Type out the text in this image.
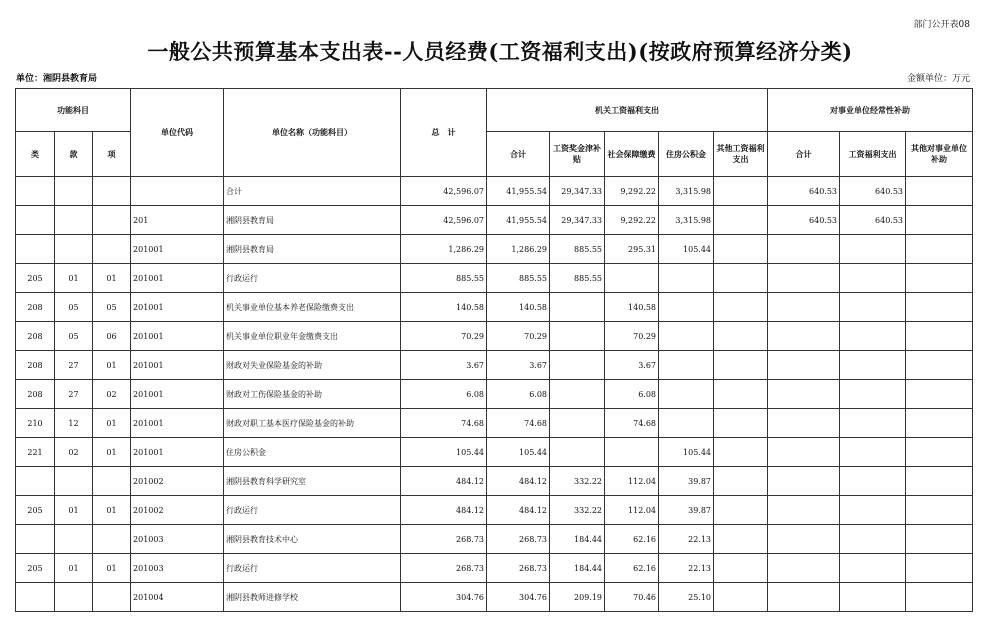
部门公开表08
一般公共预算基本支出表--人员经费(工资福利支出)(按政府预算经济分类)
单位：湘阴县教育局	金额单位：万元
功能科目			单位代码	单位名称（功能科目）	总　计	机关工资福利支出					对事业单位经常性补助		
类	款	项				合计	工资奖金津补贴	社会保障缴费	住房公积金	其他工资福利支出	合计	工资福利支出	其他对事业单位补助
				合计	42,596.07	41,955.54	29,347.33	9,292.22	3,315.98		640.53	640.53	
			201	湘阴县教育局	42,596.07	41,955.54	29,347.33	9,292.22	3,315.98		640.53	640.53	
			201001	湘阴县教育局	1,286.29	1,286.29	885.55	295.31	105.44				
205	01	01	201001	行政运行	885.55	885.55	885.55						
208	05	05	201001	机关事业单位基本养老保险缴费支出	140.58	140.58		140.58					
208	05	06	201001	机关事业单位职业年金缴费支出	70.29	70.29		70.29					
208	27	01	201001	财政对失业保险基金的补助	3.67	3.67		3.67					
208	27	02	201001	财政对工伤保险基金的补助	6.08	6.08		6.08					
210	12	01	201001	财政对职工基本医疗保险基金的补助	74.68	74.68		74.68					
221	02	01	201001	住房公积金	105.44	105.44			105.44				
			201002	湘阴县教育科学研究室	484.12	484.12	332.22	112.04	39.87				
205	01	01	201002	行政运行	484.12	484.12	332.22	112.04	39.87				
			201003	湘阴县教育技术中心	268.73	268.73	184.44	62.16	22.13				
205	01	01	201003	行政运行	268.73	268.73	184.44	62.16	22.13				
			201004	湘阴县教师进修学校	304.76	304.76	209.19	70.46	25.10				
